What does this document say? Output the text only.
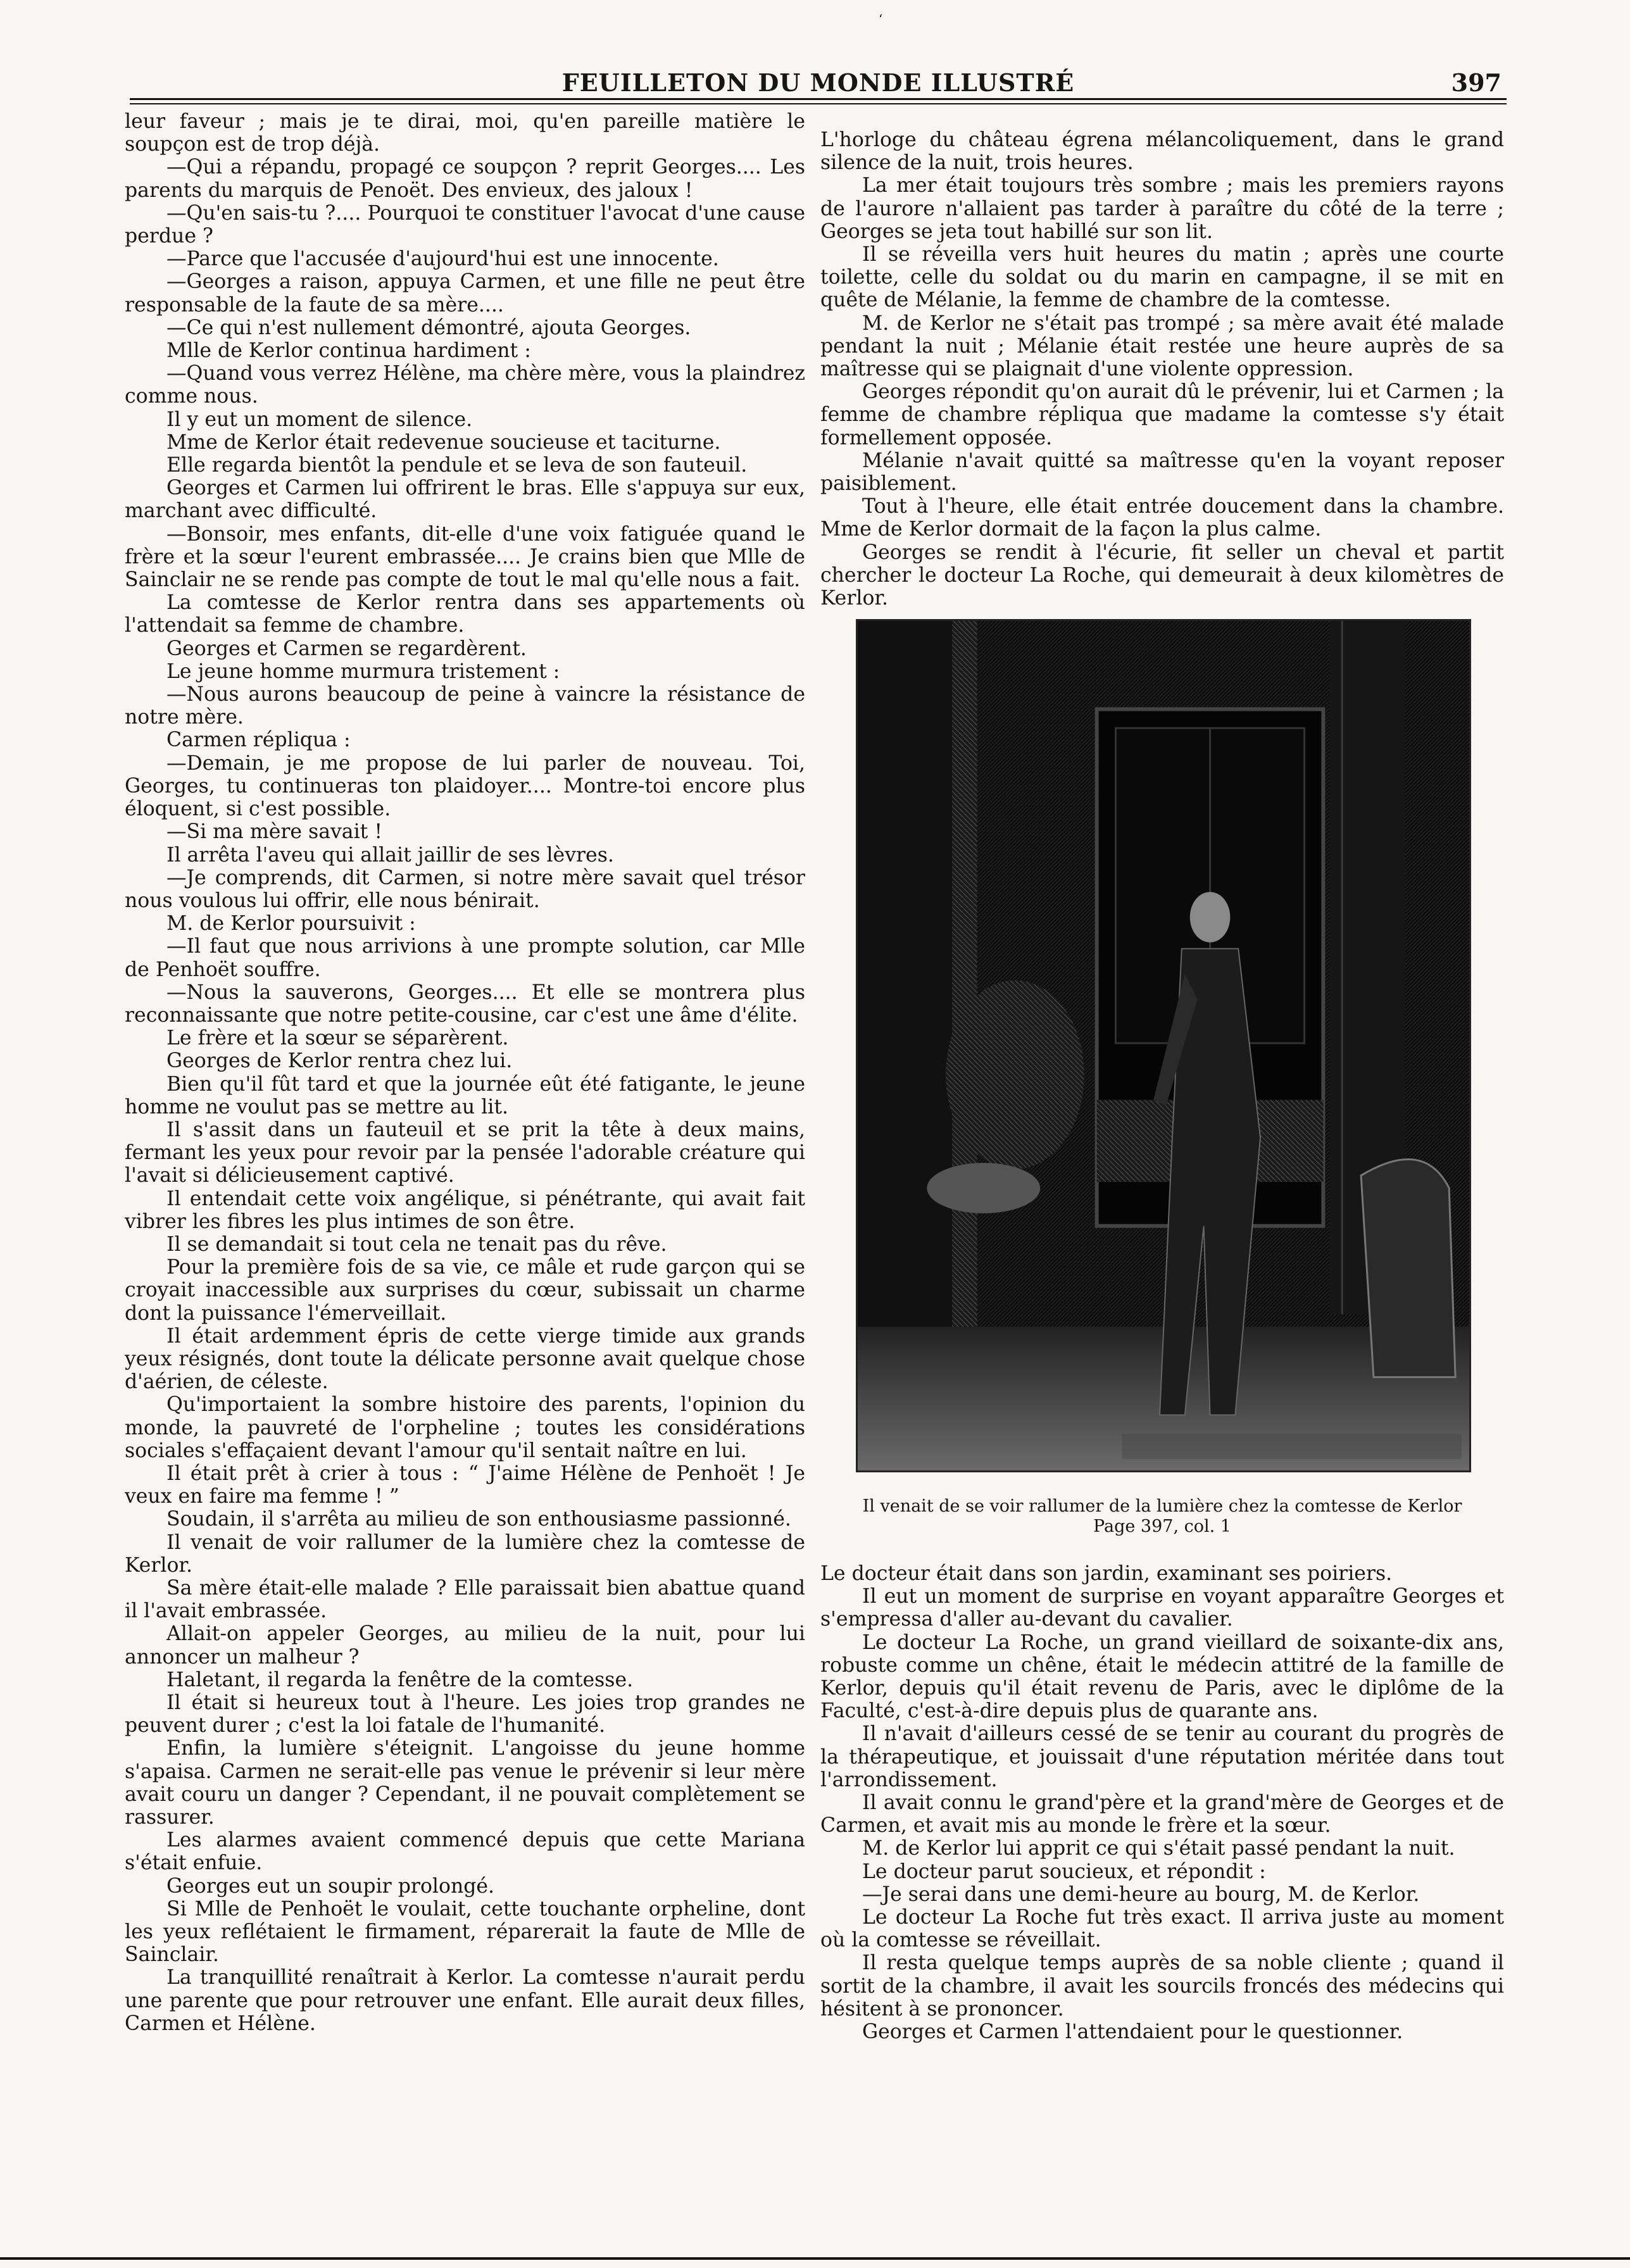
‘
FEUILLETON DU MONDE ILLUSTRÉ	397

leur faveur ; mais je te dirai, moi, qu'en pareille matière le soupçon est de trop déjà.

—Qui a répandu, propagé ce soupçon ? reprit Georges.... Les parents du marquis de Penoët. Des envieux, des jaloux !

—Qu'en sais-tu ?.... Pourquoi te constituer l'avocat d'une cause perdue ?

—Parce que l'accusée d'aujourd'hui est une innocente.

—Georges a raison, appuya Carmen, et une fille ne peut être responsable de la faute de sa mère....

—Ce qui n'est nullement démontré, ajouta Georges.

Mlle de Kerlor continua hardiment :

—Quand vous verrez Hélène, ma chère mère, vous la plaindrez comme nous.

Il y eut un moment de silence.

Mme de Kerlor était redevenue soucieuse et taciturne.

Elle regarda bientôt la pendule et se leva de son fauteuil.

Georges et Carmen lui offrirent le bras. Elle s'appuya sur eux, marchant avec difficulté.

—Bonsoir, mes enfants, dit-elle d'une voix fatiguée quand le frère et la sœur l'eurent embrassée.... Je crains bien que Mlle de Sainclair ne se rende pas compte de tout le mal qu'elle nous a fait.

La comtesse de Kerlor rentra dans ses appartements où l'attendait sa femme de chambre.

Georges et Carmen se regardèrent.

Le jeune homme murmura tristement :

—Nous aurons beaucoup de peine à vaincre la résistance de notre mère.

Carmen répliqua :

—Demain, je me propose de lui parler de nouveau. Toi, Georges, tu continueras ton plaidoyer.... Montre-toi encore plus éloquent, si c'est possible.

—Si ma mère savait !

Il arrêta l'aveu qui allait jaillir de ses lèvres.

—Je comprends, dit Carmen, si notre mère savait quel trésor nous voulous lui offrir, elle nous bénirait.

M. de Kerlor poursuivit :

—Il faut que nous arrivions à une prompte solution, car Mlle de Penhoët souffre.

—Nous la sauverons, Georges.... Et elle se montrera plus reconnaissante que notre petite-cousine, car c'est une âme d'élite.

Le frère et la sœur se séparèrent.

Georges de Kerlor rentra chez lui.

Bien qu'il fût tard et que la journée eût été fatigante, le jeune homme ne voulut pas se mettre au lit.

Il s'assit dans un fauteuil et se prit la tête à deux mains, fermant les yeux pour revoir par la pensée l'adorable créature qui l'avait si délicieusement captivé.

Il entendait cette voix angélique, si pénétrante, qui avait fait vibrer les fibres les plus intimes de son être.

Il se demandait si tout cela ne tenait pas du rêve.

Pour la première fois de sa vie, ce mâle et rude garçon qui se croyait inaccessible aux surprises du cœur, subissait un charme dont la puissance l'émerveillait.

Il était ardemment épris de cette vierge timide aux grands yeux résignés, dont toute la délicate personne avait quelque chose d'aérien, de céleste.

Qu'importaient la sombre histoire des parents, l'opinion du monde, la pauvreté de l'orpheline ; toutes les considérations sociales s'effaçaient devant l'amour qu'il sentait naître en lui.

Il était prêt à crier à tous : “ J'aime Hélène de Penhoët ! Je veux en faire ma femme ! ”

Soudain, il s'arrêta au milieu de son enthousiasme passionné.

Il venait de voir rallumer de la lumière chez la comtesse de Kerlor.

Sa mère était-elle malade ? Elle paraissait bien abattue quand il l'avait embrassée.

Allait-on appeler Georges, au milieu de la nuit, pour lui annoncer un malheur ?

Haletant, il regarda la fenêtre de la comtesse.

Il était si heureux tout à l'heure. Les joies trop grandes ne peuvent durer ; c'est la loi fatale de l'humanité.

Enfin, la lumière s'éteignit. L'angoisse du jeune homme s'apaisa. Carmen ne serait-elle pas venue le prévenir si leur mère avait couru un danger ? Cependant, il ne pouvait complètement se rassurer.

Les alarmes avaient commencé depuis que cette Mariana s'était enfuie.

Georges eut un soupir prolongé.

Si Mlle de Penhoët le voulait, cette touchante orpheline, dont les yeux reflétaient le firmament, réparerait la faute de Mlle de Sainclair.

La tranquillité renaîtrait à Kerlor. La comtesse n'aurait perdu une parente que pour retrouver une enfant. Elle aurait deux filles, Carmen et Hélène.

L'horloge du château égrena mélancoliquement, dans le grand silence de la nuit, trois heures.

La mer était toujours très sombre ; mais les premiers rayons de l'aurore n'allaient pas tarder à paraître du côté de la terre ; Georges se jeta tout habillé sur son lit.

Il se réveilla vers huit heures du matin ; après une courte toilette, celle du soldat ou du marin en campagne, il se mit en quête de Mélanie, la femme de chambre de la comtesse.

M. de Kerlor ne s'était pas trompé ; sa mère avait été malade pendant la nuit ; Mélanie était restée une heure auprès de sa maîtresse qui se plaignait d'une violente oppression.

Georges répondit qu'on aurait dû le prévenir, lui et Carmen ; la femme de chambre répliqua que madame la comtesse s'y était formellement opposée.

Mélanie n'avait quitté sa maîtresse qu'en la voyant reposer paisiblement.

Tout à l'heure, elle était entrée doucement dans la chambre. Mme de Kerlor dormait de la façon la plus calme.

Georges se rendit à l'écurie, fit seller un cheval et partit chercher le docteur La Roche, qui demeurait à deux kilomètres de Kerlor.

Il venait de se voir rallumer de la lumière chez la comtesse de Kerlor
Page 397, col. 1

Le docteur était dans son jardin, examinant ses poiriers.

Il eut un moment de surprise en voyant apparaître Georges et s'empressa d'aller au-devant du cavalier.

Le docteur La Roche, un grand vieillard de soixante-dix ans, robuste comme un chêne, était le médecin attitré de la famille de Kerlor, depuis qu'il était revenu de Paris, avec le diplôme de la Faculté, c'est-à-dire depuis plus de quarante ans.

Il n'avait d'ailleurs cessé de se tenir au courant du progrès de la thérapeutique, et jouissait d'une réputation méritée dans tout l'arrondissement.

Il avait connu le grand'père et la grand'mère de Georges et de Carmen, et avait mis au monde le frère et la sœur.

M. de Kerlor lui apprit ce qui s'était passé pendant la nuit.

Le docteur parut soucieux, et répondit :

—Je serai dans une demi-heure au bourg, M. de Kerlor.

Le docteur La Roche fut très exact. Il arriva juste au moment où la comtesse se réveillait.

Il resta quelque temps auprès de sa noble cliente ; quand il sortit de la chambre, il avait les sourcils froncés des médecins qui hésitent à se prononcer.

Georges et Carmen l'attendaient pour le questionner.
